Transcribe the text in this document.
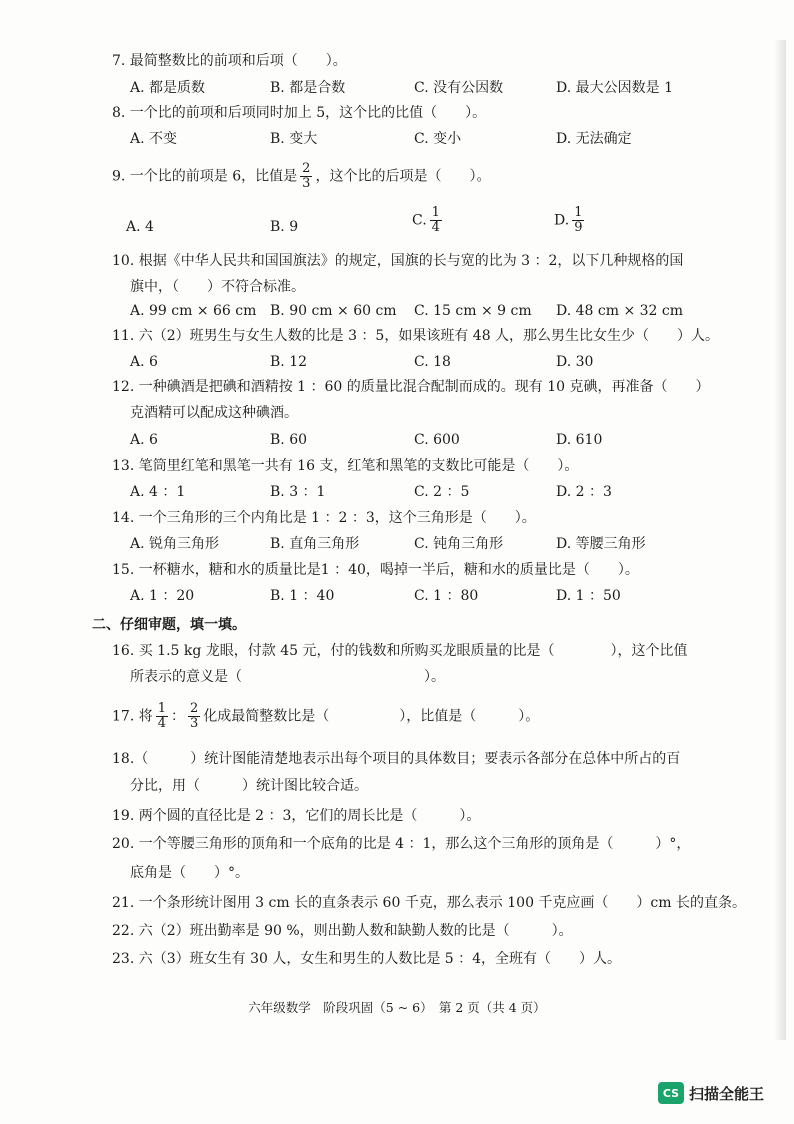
7. 最简整数比的前项和后项（　　）。
A. 都是质数	B. 都是合数	C. 没有公因数	D. 最大公因数是 1
8. 一个比的前项和后项同时加上 5，这个比的比值（　　）。
A. 不变	B. 变大	C. 变小	D. 无法确定
9. 一个比的前项是 6，比值是 $\frac{2}{3}$ ，这个比的后项是（　　）。
A. 4	B. 9	C. $\frac{1}{4}$	D. $\frac{1}{9}$
10. 根据《中华人民共和国国旗法》的规定，国旗的长与宽的比为 3 ：2，以下几种规格的国
旗中，（　　）不符合标准。
A. 99 cm × 66 cm B. 90 cm × 60 cm C. 15 cm × 9 cm D. 48 cm × 32 cm
11. 六（2）班男生与女生人数的比是 3 ：5，如果该班有 48 人，那么男生比女生少（　　）人。
A. 6	B. 12	C. 18	D. 30
12. 一种碘酒是把碘和酒精按 1 ：60 的质量比混合配制而成的。现有 10 克碘，再准备（　　）
克酒精可以配成这种碘酒。
A. 6	B. 60	C. 600	D. 610
13. 笔筒里红笔和黑笔一共有 16 支，红笔和黑笔的支数比可能是（　　）。
A. 4 ：1	B. 3 ：1	C. 2 ：5	D. 2 ：3
14. 一个三角形的三个内角比是 1 ：2 ：3，这个三角形是（　　）。
A. 锐角三角形	B. 直角三角形	C. 钝角三角形	D. 等腰三角形
15. 一杯糖水，糖和水的质量比是1 ：40，喝掉一半后，糖和水的质量比是（　　）。
A. 1 ：20	B. 1 ：40	C. 1 ：80	D. 1 ：50
二、仔细审题，填一填。
16. 买 1.5 kg 龙眼，付款 45 元，付的钱数和所购买龙眼质量的比是（　　　　），这个比值
所表示的意义是（　　　　　　　　　　　　　）。
17. 将 $\frac{1}{4}$ ： $\frac{2}{3}$ 化成最简整数比是（　　　　　），比值是（　　　）。
18.（　　　）统计图能清楚地表示出每个项目的具体数目；要表示各部分在总体中所占的百
分比，用（　　　）统计图比较合适。
19. 两个圆的直径比是 2 ：3，它们的周长比是（　　　）。
20. 一个等腰三角形的顶角和一个底角的比是 4 ：1，那么这个三角形的顶角是（　　　）°，
底角是（　　）°。
21. 一个条形统计图用 3 cm 长的直条表示 60 千克，那么表示 100 千克应画（　　）cm 长的直条。
22. 六（2）班出勤率是 90 %，则出勤人数和缺勤人数的比是（　　　）。
23. 六（3）班女生有 30 人，女生和男生的人数比是 5 ：4，全班有（　　）人。
六年级数学　阶段巩固（5 ~ 6）　第 2 页（共 4 页）
CS 扫描全能王
